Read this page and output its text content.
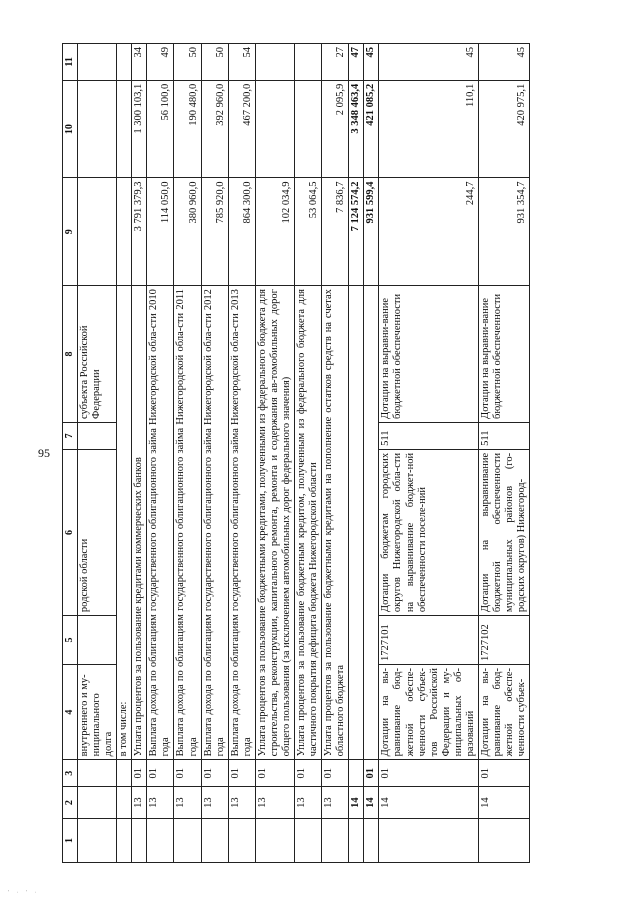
95
1	2	3	4	5	6	7	8	9	10	11
			внутреннего и му-ниципального долга		родской области		субъекта Российской Федерации			
			в том числе:							
	13	01	Уплата процентов за пользование кредитами коммерческих банков					3 791 379,3	1 300 103,1	34
	13	01	Выплата дохода по облигациям государственного облигационного займа Нижегородской обла-сти 2010 года					114 050,0	56 100,0	49
	13	01	Выплата дохода по облигациям государственного облигационного займа Нижегородской обла-сти 2011 года					380 960,0	190 480,0	50
	13	01	Выплата дохода по облигациям государственного облигационного займа Нижегородской обла-сти 2012 года					785 920,0	392 960,0	50
	13	01	Выплата дохода по облигациям государственного облигационного займа Нижегородской обла-сти 2013 года					864 300,0	467 200,0	54
	13	01	Уплата процентов за пользование бюджетными кредитами, полученными из федерального бюджета для строительства, реконструкции, капитального ремонта, ремонта и содержания ав-томобильных дорог общего пользования (за исключением автомобильных дорог федерального значения)					102 034,9		
	13	01	Уплата процентов за пользование бюджетным кредитом, полученным из федерального бюджета для частичного покрытия дефицита бюджета Нижегородской области					53 064,5		
	13	01	Уплата процентов за пользование бюджетными кредитами на пополнение остатков средств на счетах областного бюджета					7 836,7	2 095,9	27
	14							7 124 574,2	3 348 463,4	47
	14	01						931 599,4	421 085,2	45
	14	01	Дотации на вы-равнивание бюд-жетной обеспе-ченности субъек-тов Российской Федерации и му-ниципальных об-разований	1727101	Дотации бюджетам городских округов Нижегородской обла-сти на выравнивание бюджет-ной обеспеченности поселе-ний	511	Дотации на выравни-вание бюджетной обеспеченности	244,7	110,1	45
	14	01	Дотации на вы-равнивание бюд-жетной обеспе-ченности субъек-	1727102	Дотации на выравнивание бюджетной обеспеченности муниципальных районов (го-родских округов) Нижегород-	511	Дотации на выравни-вание бюджетной обеспеченности	931 354,7	420 975,1	45
' · ' ·
